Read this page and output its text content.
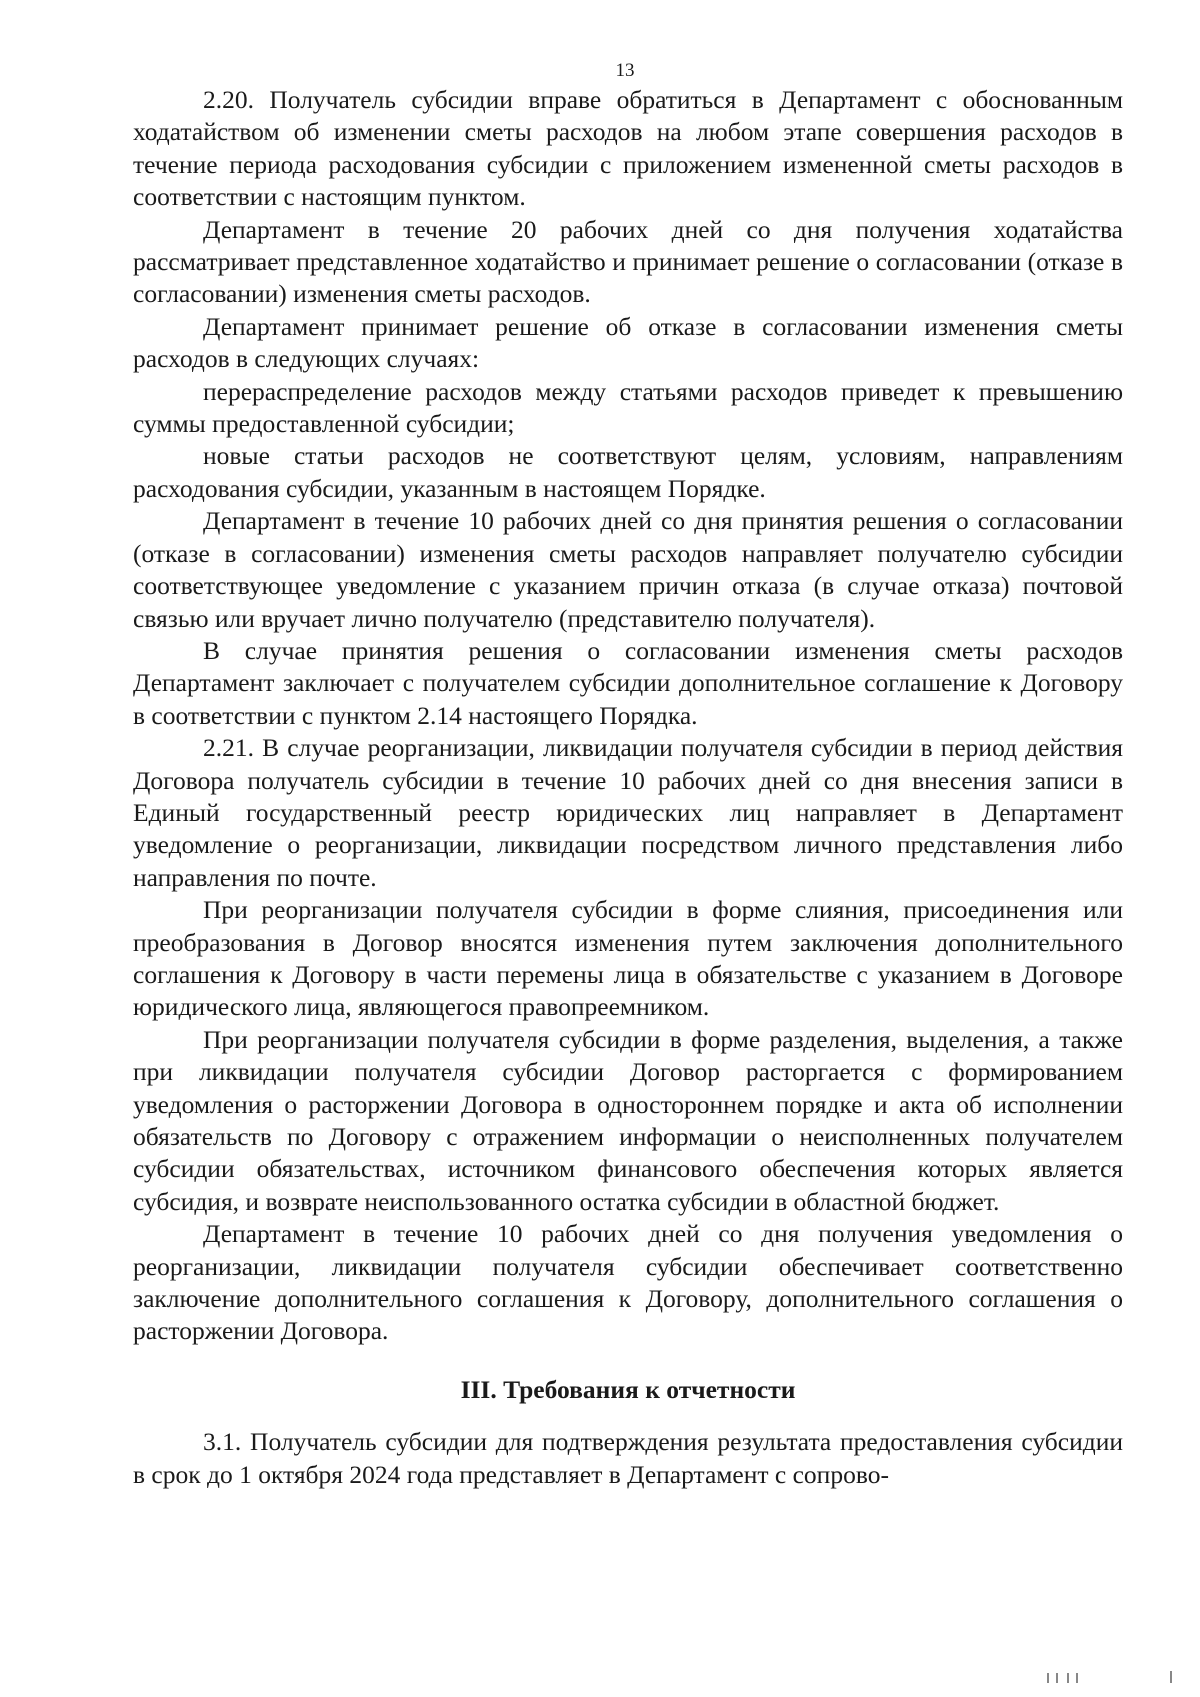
13

2.20. Получатель субсидии вправе обратиться в Департамент с обоснованным ходатайством об изменении сметы расходов на любом этапе совершения расходов в течение периода расходования субсидии с приложением измененной сметы расходов в соответствии с настоящим пунктом.

Департамент в течение 20 рабочих дней со дня получения ходатайства рассматривает представленное ходатайство и принимает решение о согласовании (отказе в согласовании) изменения сметы расходов.

Департамент принимает решение об отказе в согласовании изменения сметы расходов в следующих случаях:

перераспределение расходов между статьями расходов приведет к превышению суммы предоставленной субсидии;

новые статьи расходов не соответствуют целям, условиям, направлениям расходования субсидии, указанным в настоящем Порядке.

Департамент в течение 10 рабочих дней со дня принятия решения о согласовании (отказе в согласовании) изменения сметы расходов направляет получателю субсидии соответствующее уведомление с указанием причин отказа (в случае отказа) почтовой связью или вручает лично получателю (представителю получателя).

В случае принятия решения о согласовании изменения сметы расходов Департамент заключает с получателем субсидии дополнительное соглашение к Договору в соответствии с пунктом 2.14 настоящего Порядка.

2.21. В случае реорганизации, ликвидации получателя субсидии в период действия Договора получатель субсидии в течение 10 рабочих дней со дня внесения записи в Единый государственный реестр юридических лиц направляет в Департамент уведомление о реорганизации, ликвидации посредством личного представления либо направления по почте.

При реорганизации получателя субсидии в форме слияния, присоединения или преобразования в Договор вносятся изменения путем заключения дополнительного соглашения к Договору в части перемены лица в обязательстве с указанием в Договоре юридического лица, являющегося правопреемником.

При реорганизации получателя субсидии в форме разделения, выделения, а также при ликвидации получателя субсидии Договор расторгается с формированием уведомления о расторжении Договора в одностороннем порядке и акта об исполнении обязательств по Договору с отражением информации о неисполненных получателем субсидии обязательствах, источником финансового обеспечения которых является субсидия, и возврате неиспользованного остатка субсидии в областной бюджет.

Департамент в течение 10 рабочих дней со дня получения уведомления о реорганизации, ликвидации получателя субсидии обеспечивает соответственно заключение дополнительного соглашения к Договору, дополнительного соглашения о расторжении Договора.

III. Требования к отчетности

3.1. Получатель субсидии для подтверждения результата предоставления субсидии в срок до 1 октября 2024 года представляет в Департамент с сопрово-
